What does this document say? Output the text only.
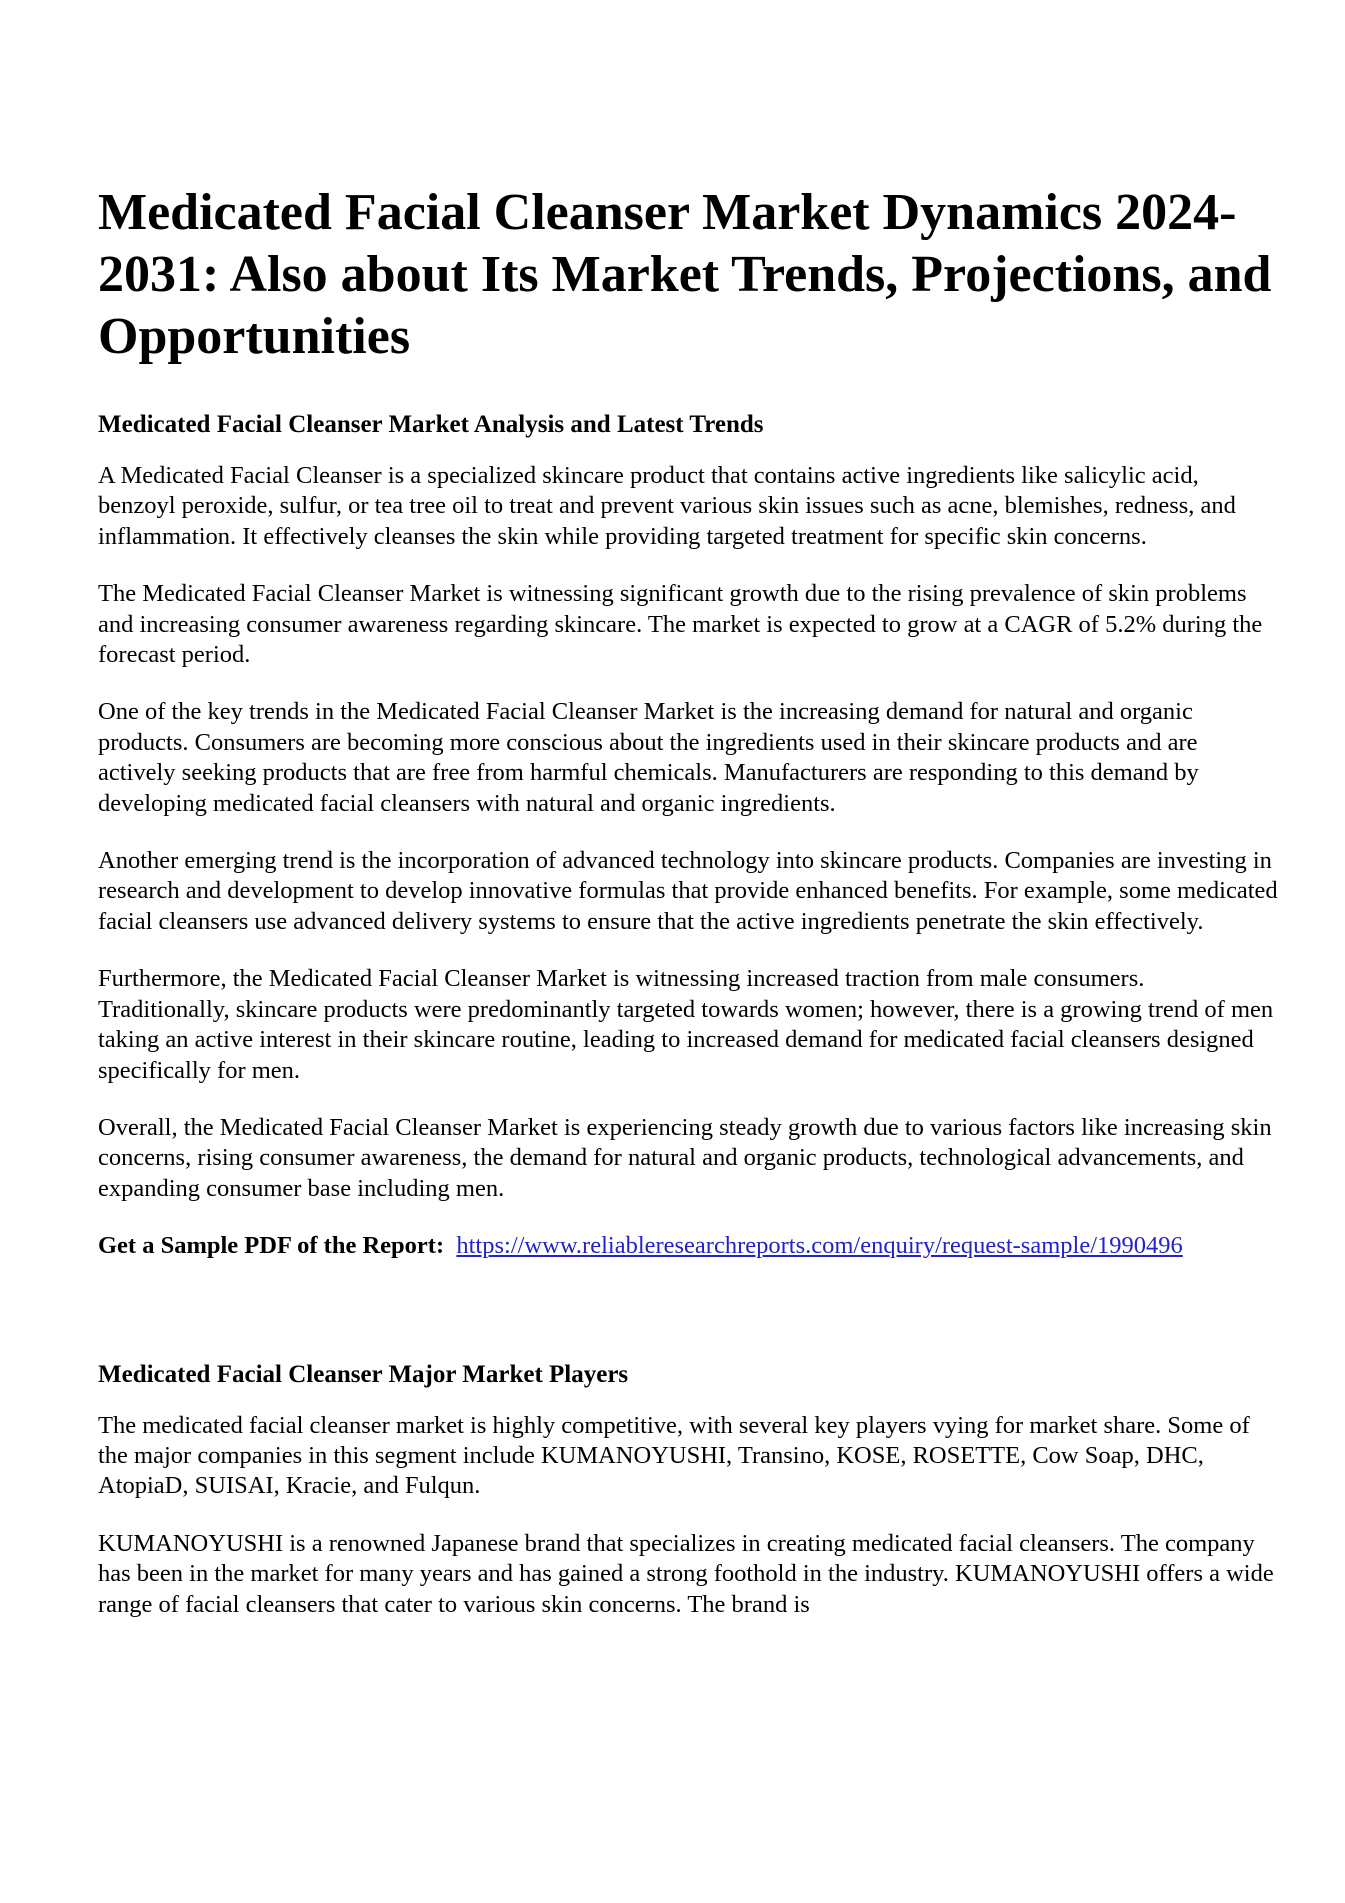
Medicated Facial Cleanser Market Dynamics 2024-2031: Also about Its Market Trends, Projections, and Opportunities
Medicated Facial Cleanser Market Analysis and Latest Trends

A Medicated Facial Cleanser is a specialized skincare product that contains active ingredients like salicylic acid, benzoyl peroxide, sulfur, or tea tree oil to treat and prevent various skin issues such as acne, blemishes, redness, and inflammation. It effectively cleanses the skin while providing targeted treatment for specific skin concerns.

The Medicated Facial Cleanser Market is witnessing significant growth due to the rising prevalence of skin problems and increasing consumer awareness regarding skincare. The market is expected to grow at a CAGR of 5.2% during the forecast period.

One of the key trends in the Medicated Facial Cleanser Market is the increasing demand for natural and organic products. Consumers are becoming more conscious about the ingredients used in their skincare products and are actively seeking products that are free from harmful chemicals. Manufacturers are responding to this demand by developing medicated facial cleansers with natural and organic ingredients.

Another emerging trend is the incorporation of advanced technology into skincare products. Companies are investing in research and development to develop innovative formulas that provide enhanced benefits. For example, some medicated facial cleansers use advanced delivery systems to ensure that the active ingredients penetrate the skin effectively.

Furthermore, the Medicated Facial Cleanser Market is witnessing increased traction from male consumers. Traditionally, skincare products were predominantly targeted towards women; however, there is a growing trend of men taking an active interest in their skincare routine, leading to increased demand for medicated facial cleansers designed specifically for men.

Overall, the Medicated Facial Cleanser Market is experiencing steady growth due to various factors like increasing skin concerns, rising consumer awareness, the demand for natural and organic products, technological advancements, and expanding consumer base including men.

Get a Sample PDF of the Report: https://www.reliableresearchreports.com/enquiry/request-sample/1990496

Medicated Facial Cleanser Major Market Players

The medicated facial cleanser market is highly competitive, with several key players vying for market share. Some of the major companies in this segment include KUMANOYUSHI, Transino, KOSE, ROSETTE, Cow Soap, DHC, AtopiaD, SUISAI, Kracie, and Fulqun.

KUMANOYUSHI is a renowned Japanese brand that specializes in creating medicated facial cleansers. The company has been in the market for many years and has gained a strong foothold in the industry. KUMANOYUSHI offers a wide range of facial cleansers that cater to various skin concerns. The brand is
